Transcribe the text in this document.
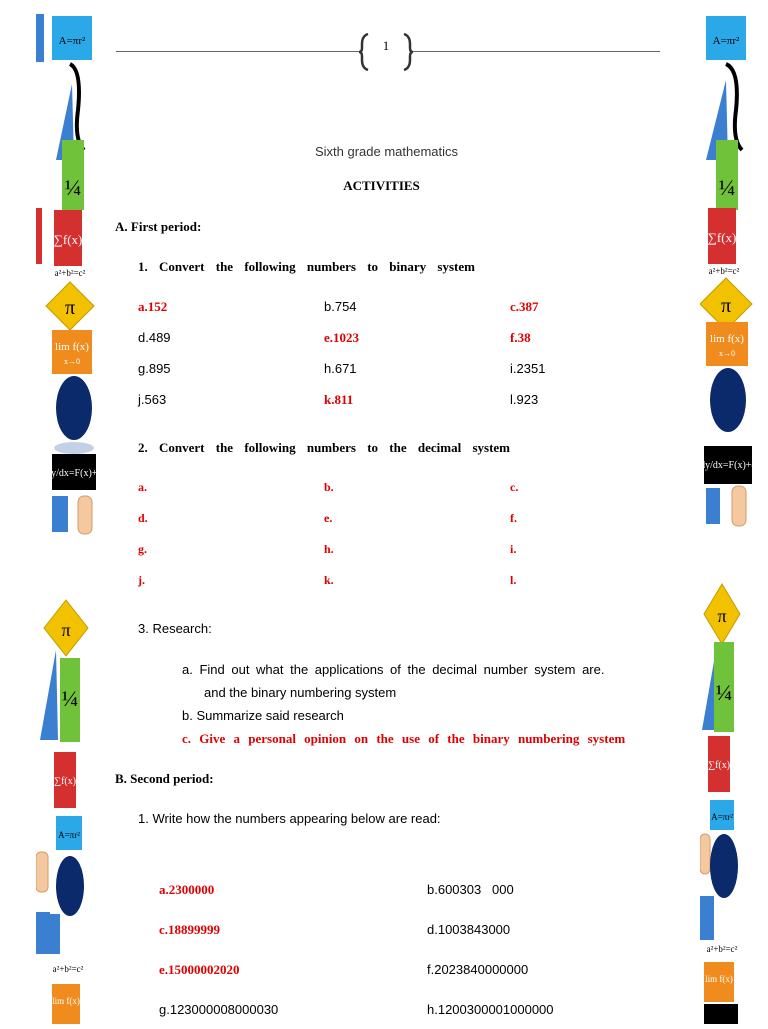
A=πr²
¼
∑f(x)
a²+b²=c²
π
lim f(x)
x→0
dy/dx=F(x)+c
π
¼
∑f(x)
A=πr²
a²+b²=c²
lim f(x)
A=πr²
¼
∑f(x)
a²+b²=c²
π
lim f(x)
x→0
dy/dx=F(x)+c
π
¼
∑f(x)
A=πr²
a²+b²=c²
lim f(x)
1
Sixth grade mathematics
ACTIVITIES
A. First period:
1. Convert the following numbers to binary system
a.152	b.754	c.387
d.489	e.1023	f.38
g.895	h.671	i.2351
j.563	k.811	l.923
2. Convert the following numbers to the decimal system
a.	b.	c.
d.	e.	f.
g.	h.	i.
j.	k.	l.
3. Research:
a. Find out what the applications of the decimal number system are.
and the binary numbering system
b. Summarize said research
c. Give a personal opinion on the use of the binary numbering system
B. Second period:
1. Write how the numbers appearing below are read:
a.2300000	b.600303   000
c.18899999	d.1003843000
e.15000002020	f.2023840000000
g.123000008000030	h.1200300001000000
